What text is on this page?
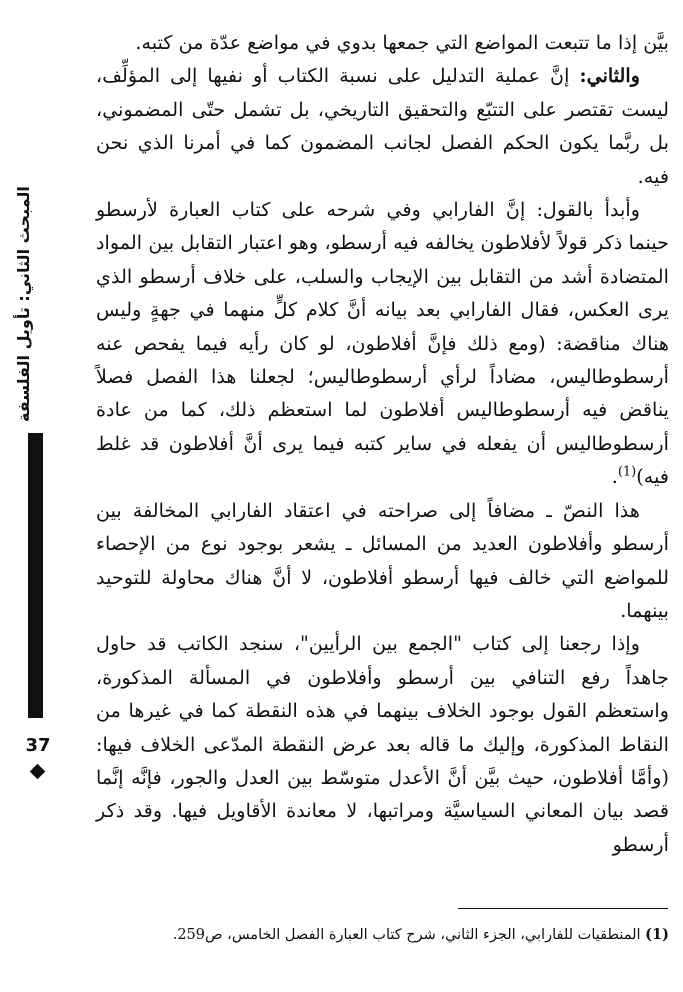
المبحث الثاني: تأويل الفلسفة
37

بيَّن إذا ما تتبعت المواضع التي جمعها بدوي في مواضع عدّة من كتبه.

والثاني: إنَّ عملية التدليل على نسبة الكتاب أو نفيها إلى المؤلِّف، ليست تقتصر على التتبّع والتحقيق التاريخي، بل تشمل حتّى المضموني، بل ربَّما يكون الحكم الفصل لجانب المضمون كما في أمرنا الذي نحن فيه.

وأبدأ بالقول: إنَّ الفارابي وفي شرحه على كتاب العبارة لأرسطو حينما ذكر قولاً لأفلاطون يخالفه فيه أرسطو، وهو اعتبار التقابل بين المواد المتضادة أشد من التقابل بين الإيجاب والسلب، على خلاف أرسطو الذي يرى العكس، فقال الفارابي بعد بيانه أنَّ كلام كلٍّ منهما في جهةٍ وليس هناك مناقضة: (ومع ذلك فإنَّ أفلاطون، لو كان رأيه فيما يفحص عنه أرسطوطاليس، مضاداً لرأي أرسطوطاليس؛ لجعلنا هذا الفصل فصلاً يناقض فيه أرسطوطاليس أفلاطون لما استعظم ذلك، كما من عادة أرسطوطاليس أن يفعله في ساير كتبه فيما يرى أنَّ أفلاطون قد غلط فيه)$^{(1)}$.

هذا النصّ ـ مضافاً إلى صراحته في اعتقاد الفارابي المخالفة بين أرسطو وأفلاطون العديد من المسائل ـ يشعر بوجود نوع من الإحصاء للمواضع التي خالف فيها أرسطو أفلاطون، لا أنَّ هناك محاولة للتوحيد بينهما.

وإذا رجعنا إلى كتاب "الجمع بين الرأيين"، سنجد الكاتب قد حاول جاهداً رفع التنافي بين أرسطو وأفلاطون في المسألة المذكورة، واستعظم القول بوجود الخلاف بينهما في هذه النقطة كما في غيرها من النقاط المذكورة، وإليك ما قاله بعد عرض النقطة المدّعى الخلاف فيها: (وأمَّا أفلاطون، حيث بيَّن أنَّ الأعدل متوسّط بين العدل والجور، فإنَّه إنَّما قصد بيان المعاني السياسيَّة ومراتبها، لا معاندة الأقاويل فيها. وقد ذكر أرسطو

(1) المنطقيات للفارابي، الجزء الثاني، شرح كتاب العبارة الفصل الخامس، ص259.
